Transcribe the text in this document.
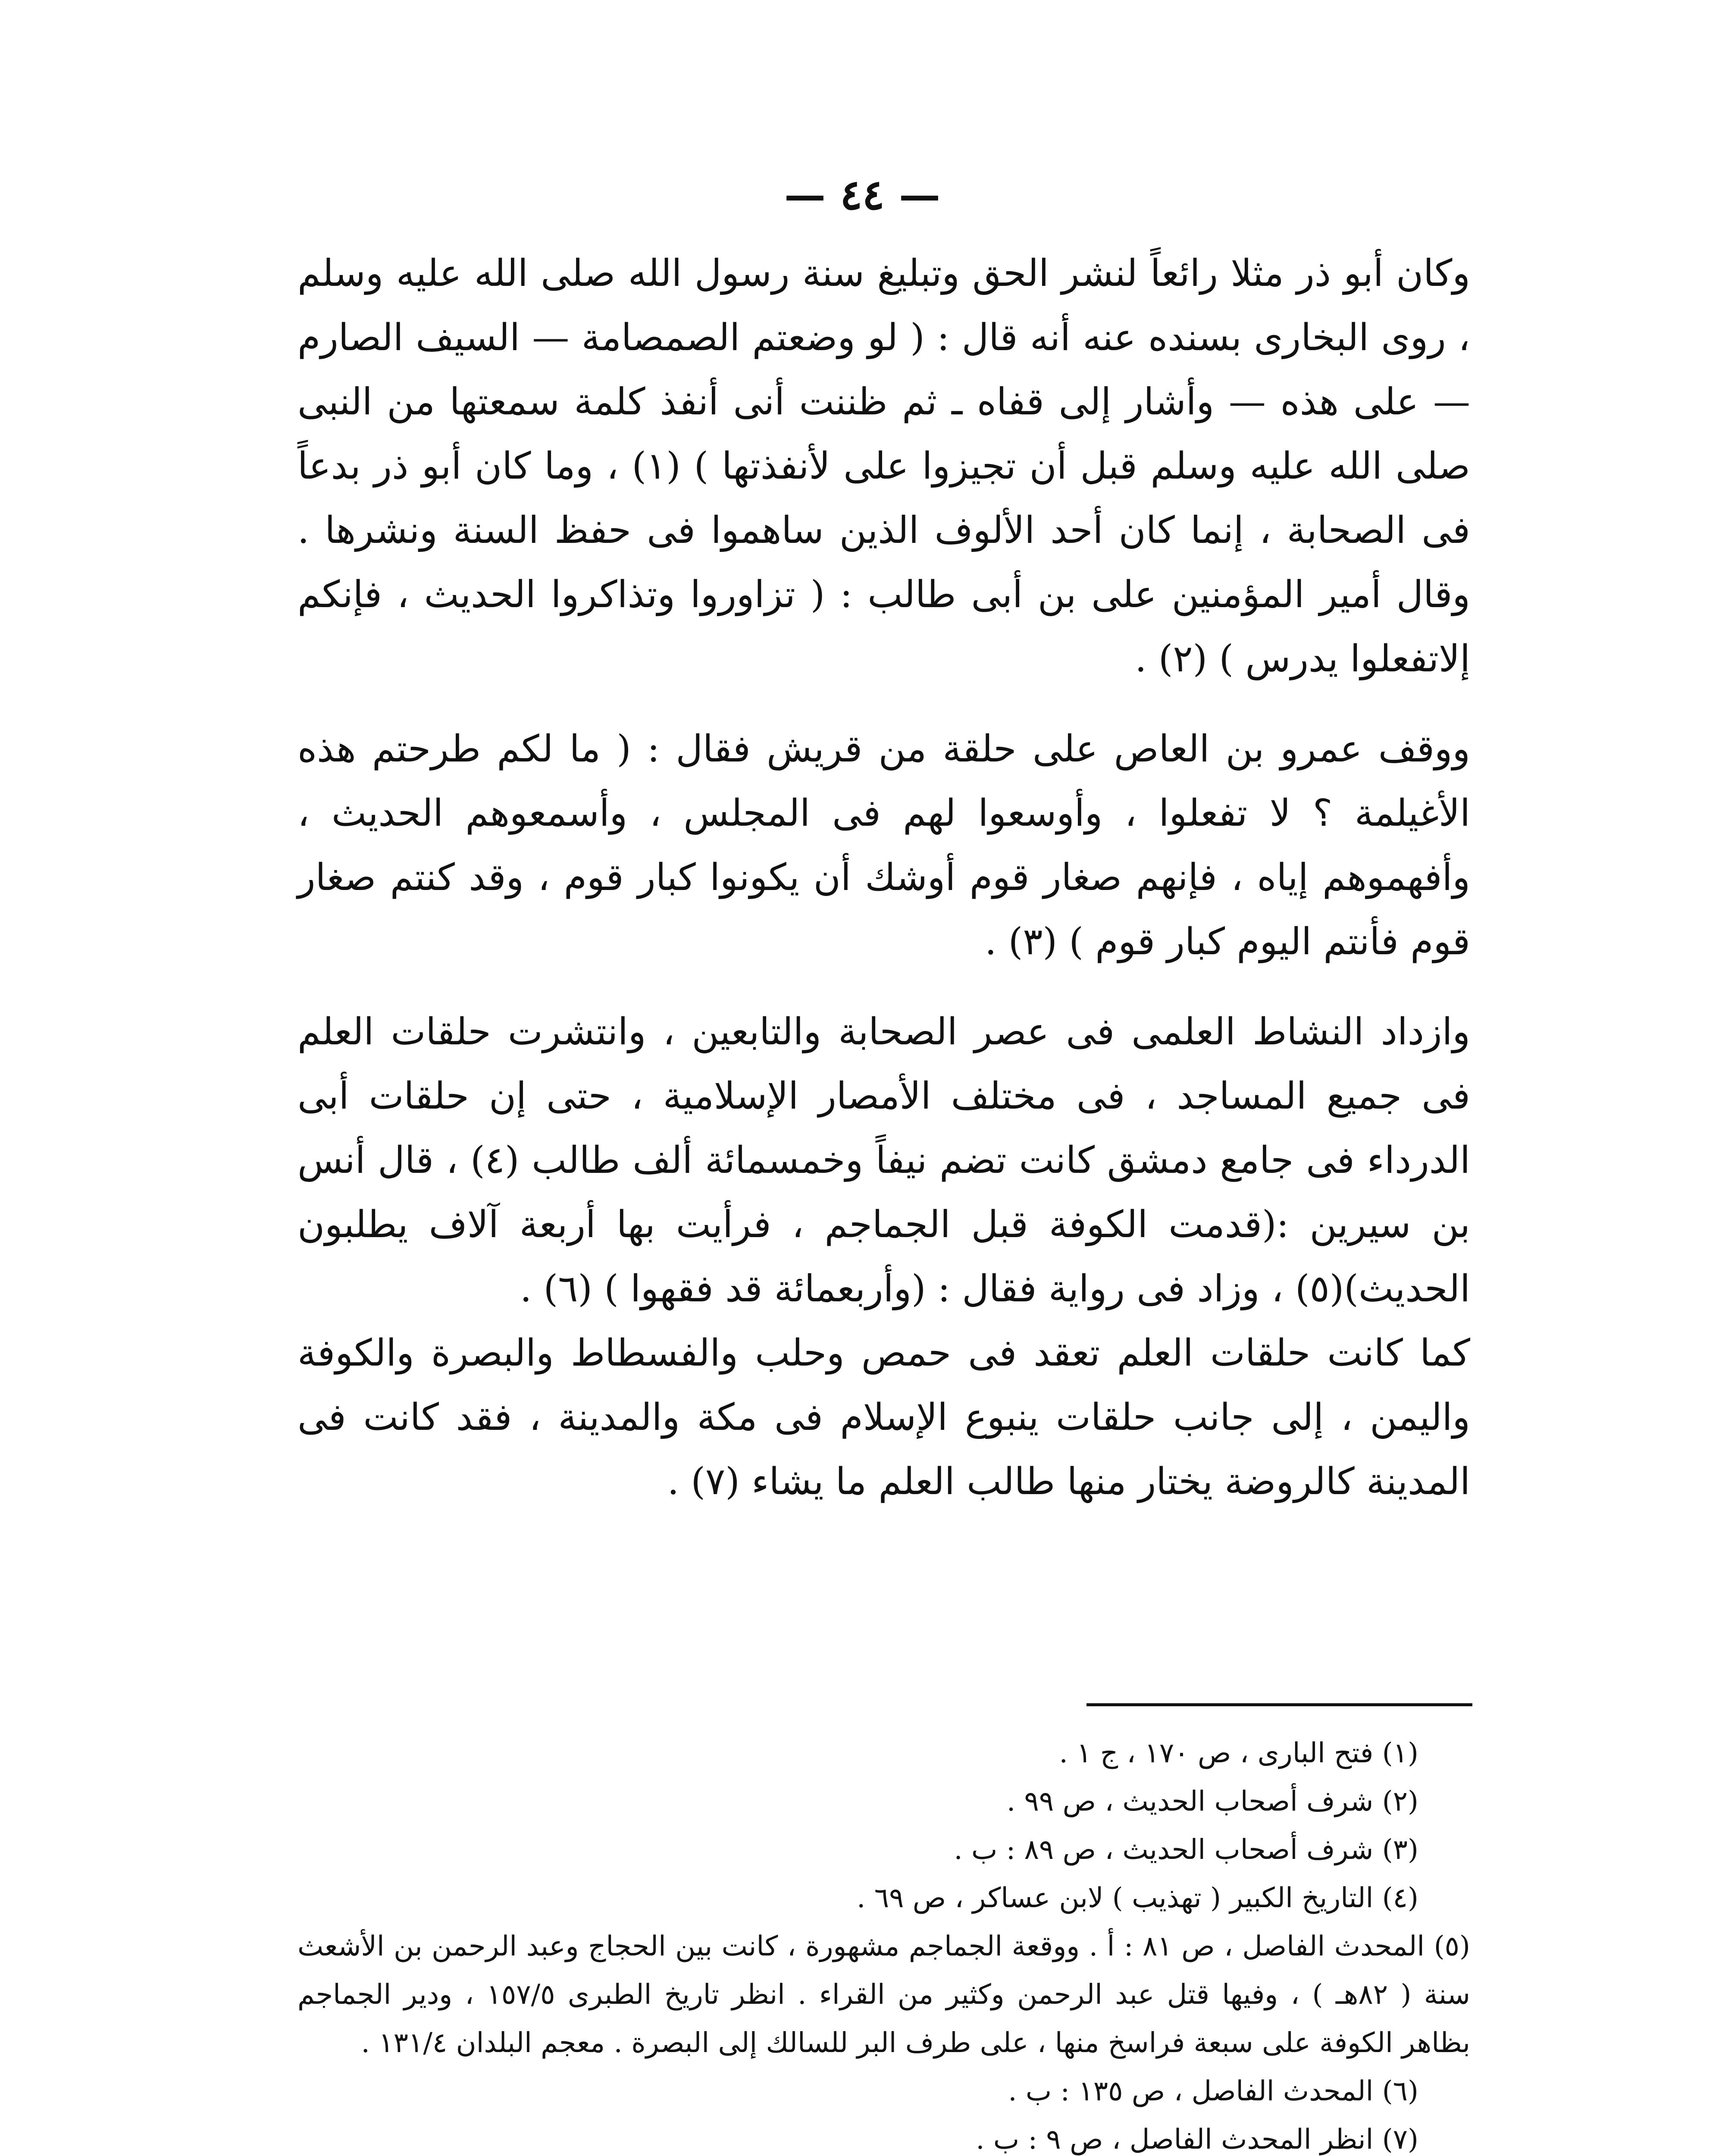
— ٤٤ —

وكان أبو ذر مثلا رائعاً لنشر الحق وتبليغ سنة رسول الله صلى الله عليه وسلم ، روى البخارى بسنده عنه أنه قال : ( لو وضعتم الصمصامة — السيف الصارم — على هذه — وأشار إلى قفاه ـ ثم ظننت أنى أنفذ كلمة سمعتها من النبى صلى الله عليه وسلم قبل أن تجيزوا على لأنفذتها ) (١) ، وما كان أبو ذر بدعاً فى الصحابة ، إنما كان أحد الألوف الذين ساهموا فى حفظ السنة ونشرها . وقال أمير المؤمنين على بن أبى طالب : ( تزاوروا وتذاكروا الحديث ، فإنكم إلاتفعلوا يدرس ) (٢) .

ووقف عمرو بن العاص على حلقة من قريش فقال : ( ما لكم طرحتم هذه الأغيلمة ؟ لا تفعلوا ، وأوسعوا لهم فى المجلس ، وأسمعوهم الحديث ، وأفهموهم إياه ، فإنهم صغار قوم أوشك أن يكونوا كبار قوم ، وقد كنتم صغار قوم فأنتم اليوم كبار قوم ) (٣) .

وازداد النشاط العلمى فى عصر الصحابة والتابعين ، وانتشرت حلقات العلم فى جميع المساجد ، فى مختلف الأمصار الإسلامية ، حتى إن حلقات أبى الدرداء فى جامع دمشق كانت تضم نيفاً وخمسمائة ألف طالب (٤) ، قال أنس بن سيرين :(قدمت الكوفة قبل الجماجم ، فرأيت بها أربعة آلاف يطلبون الحديث)(٥) ، وزاد فى رواية فقال : (وأربعمائة قد فقهوا ) (٦) .

كما كانت حلقات العلم تعقد فى حمص وحلب والفسطاط والبصرة والكوفة واليمن ، إلى جانب حلقات ينبوع الإسلام فى مكة والمدينة ، فقد كانت فى المدينة كالروضة يختار منها طالب العلم ما يشاء (٧) .

(١) فتح البارى ، ص ١٧٠ ، ج ١ .

(٢) شرف أصحاب الحديث ، ص ٩٩ .

(٣) شرف أصحاب الحديث ، ص ٨٩ : ب .

(٤) التاريخ الكبير ( تهذيب ) لابن عساكر ، ص ٦٩ .

(٥) المحدث الفاصل ، ص ٨١ : أ . ووقعة الجماجم مشهورة ، كانت بين الحجاج وعبد الرحمن بن الأشعث سنة ( ٨٢هـ ) ، وفيها قتل عبد الرحمن وكثير من القراء . انظر تاريخ الطبرى ١٥٧/٥ ، ودير الجماجم بظاهر الكوفة على سبعة فراسخ منها ، على طرف البر للسالك إلى البصرة . معجم البلدان ١٣١/٤ .

(٦) المحدث الفاصل ، ص ١٣٥ : ب .

(٧) انظر المحدث الفاصل ، ص ٩ : ب .
